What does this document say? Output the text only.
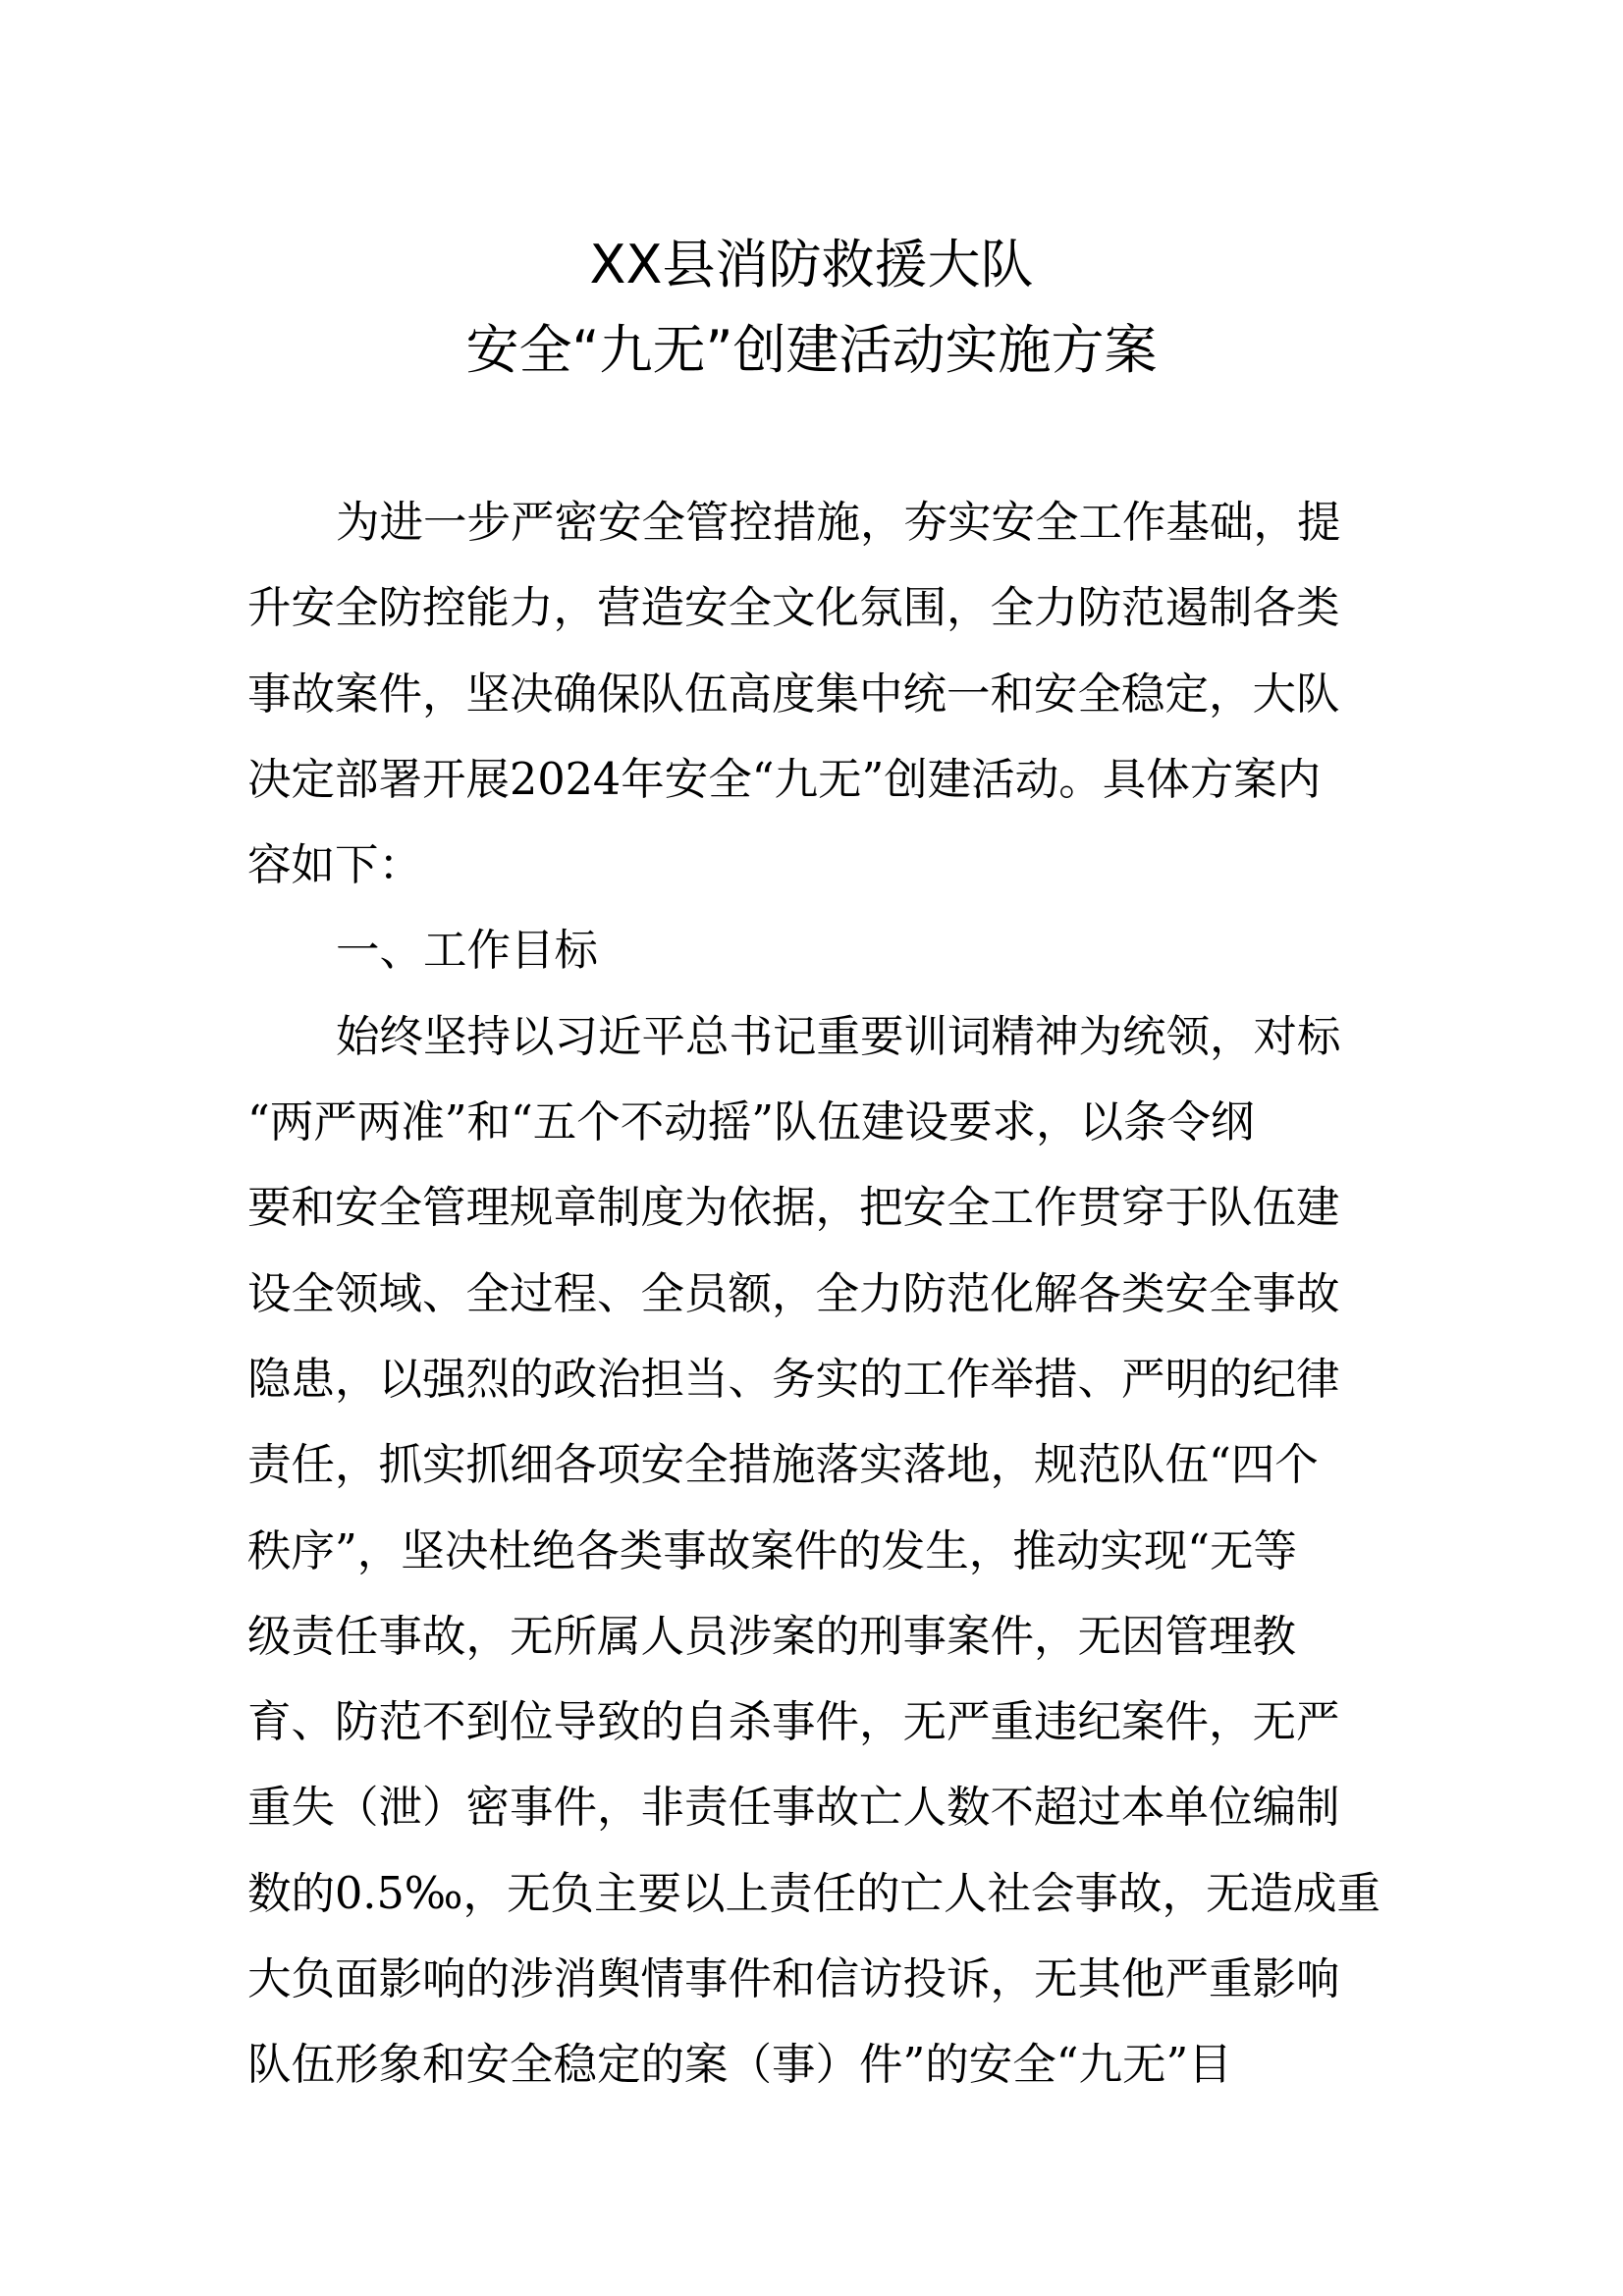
XX县消防救援大队
安全“九无”创建活动实施方案
为进一步严密安全管控措施，夯实安全工作基础，提
升安全防控能力，营造安全文化氛围，全力防范遏制各类
事故案件，坚决确保队伍高度集中统一和安全稳定，大队
决定部署开展2024年安全“九无”创建活动。具体方案内
容如下：
一、工作目标
始终坚持以习近平总书记重要训词精神为统领，对标
“两严两准”和“五个不动摇”队伍建设要求，以条令纲
要和安全管理规章制度为依据，把安全工作贯穿于队伍建
设全领域、全过程、全员额，全力防范化解各类安全事故
隐患，以强烈的政治担当、务实的工作举措、严明的纪律
责任，抓实抓细各项安全措施落实落地，规范队伍“四个
秩序”，坚决杜绝各类事故案件的发生，推动实现“无等
级责任事故，无所属人员涉案的刑事案件，无因管理教
育、防范不到位导致的自杀事件，无严重违纪案件，无严
重失（泄）密事件，非责任事故亡人数不超过本单位编制
数的0.5‰，无负主要以上责任的亡人社会事故，无造成重
大负面影响的涉消舆情事件和信访投诉，无其他严重影响
队伍形象和安全稳定的案（事）件”的安全“九无”目
